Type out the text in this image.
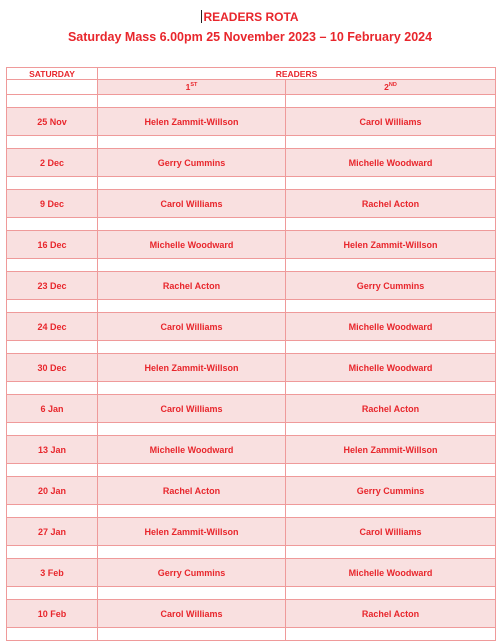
READERS ROTA
Saturday Mass 6.00pm 25 November 2023 – 10 February 2024
SATURDAY	READERS	
	1ST	2ND

25 Nov	Helen Zammit-Willson	Carol Williams

2 Dec	Gerry Cummins	Michelle Woodward

9 Dec	Carol Williams	Rachel Acton

16 Dec	Michelle Woodward	Helen Zammit-Willson

23 Dec	Rachel Acton	Gerry Cummins

24 Dec	Carol Williams	Michelle Woodward

30 Dec	Helen Zammit-Willson	Michelle Woodward

6 Jan	Carol Williams	Rachel Acton

13 Jan	Michelle Woodward	Helen Zammit-Willson

20 Jan	Rachel Acton	Gerry Cummins

27 Jan	Helen Zammit-Willson	Carol Williams

3 Feb	Gerry Cummins	Michelle Woodward

10 Feb	Carol Williams	Rachel Acton
